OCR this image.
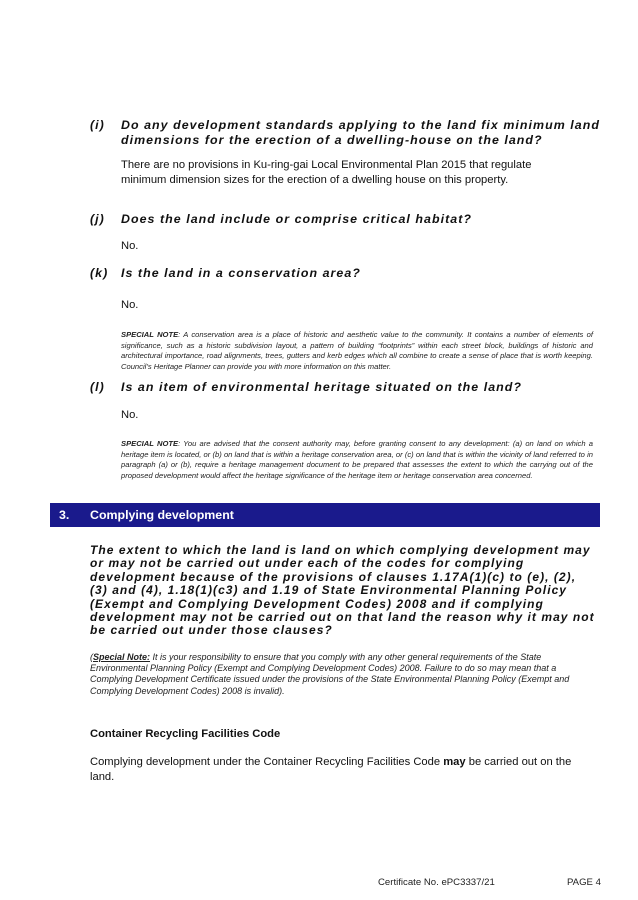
(i) Do any development standards applying to the land fix minimum land dimensions for the erection of a dwelling-house on the land?
There are no provisions in Ku-ring-gai Local Environmental Plan 2015 that regulate minimum dimension sizes for the erection of a dwelling house on this property.
(j) Does the land include or comprise critical habitat?
No.
(k) Is the land in a conservation area?
No.
SPECIAL NOTE: A conservation area is a place of historic and aesthetic value to the community. It contains a number of elements of significance, such as a historic subdivision layout, a pattern of building “footprints” within each street block, buildings of historic and architectural importance, road alignments, trees, gutters and kerb edges which all combine to create a sense of place that is worth keeping. Council’s Heritage Planner can provide you with more information on this matter.
(l) Is an item of environmental heritage situated on the land?
No.
SPECIAL NOTE: You are advised that the consent authority may, before granting consent to any development: (a) on land on which a heritage item is located, or (b) on land that is within a heritage conservation area, or (c) on land that is within the vicinity of land referred to in paragraph (a) or (b), require a heritage management document to be prepared that assesses the extent to which the carrying out of the proposed development would affect the heritage significance of the heritage item or heritage conservation area concerned.
3. Complying development
The extent to which the land is land on which complying development may or may not be carried out under each of the codes for complying development because of the provisions of clauses 1.17A(1)(c) to (e), (2), (3) and (4), 1.18(1)(c3) and 1.19 of State Environmental Planning Policy (Exempt and Complying Development Codes) 2008 and if complying development may not be carried out on that land the reason why it may not be carried out under those clauses?
(Special Note: It is your responsibility to ensure that you comply with any other general requirements of the State Environmental Planning Policy (Exempt and Complying Development Codes) 2008. Failure to do so may mean that a Complying Development Certificate issued under the provisions of the State Environmental Planning Policy (Exempt and Complying Development Codes) 2008 is invalid).
Container Recycling Facilities Code
Complying development under the Container Recycling Facilities Code may be carried out on the land.
Certificate No. ePC3337/21	PAGE 4
